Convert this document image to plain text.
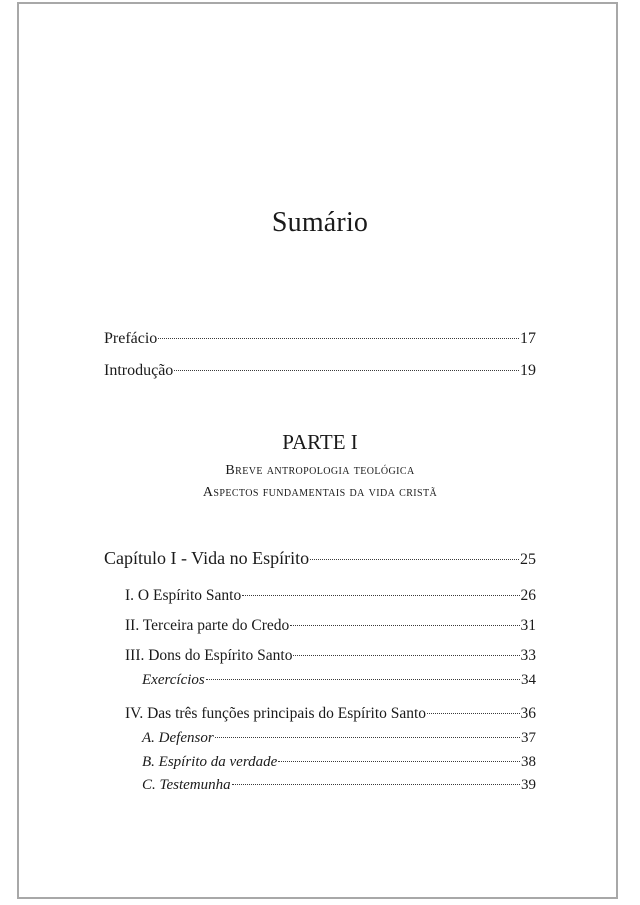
Sumário
Prefácio	17
Introdução	19
PARTE I
Breve antropologia teológica
Aspectos fundamentais da vida cristã
Capítulo I - Vida no Espírito	25
I. O Espírito Santo	26
II. Terceira parte do Credo	31
III. Dons do Espírito Santo	33
Exercícios	34
IV. Das três funções principais do Espírito Santo	36
A. Defensor	37
B. Espírito da verdade	38
C. Testemunha	39
